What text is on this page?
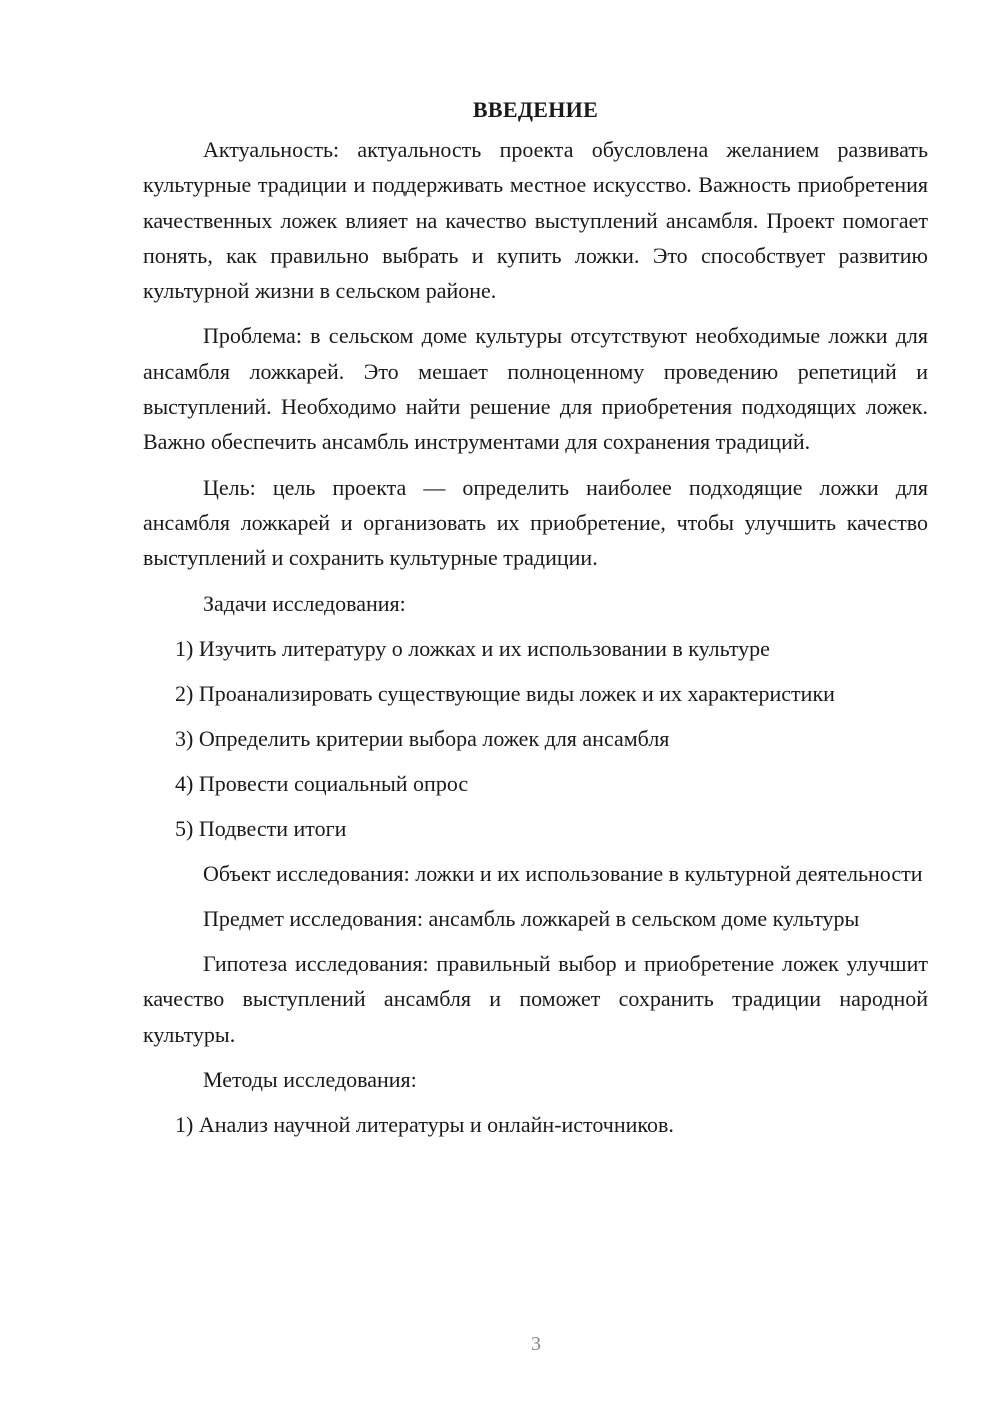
ВВЕДЕНИЕ

Актуальность: актуальность проекта обусловлена желанием развивать культурные традиции и поддерживать местное искусство. Важность приобретения качественных ложек влияет на качество выступлений ансамбля. Проект помогает понять, как правильно выбрать и купить ложки. Это способствует развитию культурной жизни в сельском районе.

Проблема: в сельском доме культуры отсутствуют необходимые ложки для ансамбля ложкарей. Это мешает полноценному проведению репетиций и выступлений. Необходимо найти решение для приобретения подходящих ложек. Важно обеспечить ансамбль инструментами для сохранения традиций.

Цель: цель проекта — определить наиболее подходящие ложки для ансамбля ложкарей и организовать их приобретение, чтобы улучшить качество выступлений и сохранить культурные традиции.

Задачи исследования:
1) Изучить литературу о ложках и их использовании в культуре
2) Проанализировать существующие виды ложек и их характеристики
3) Определить критерии выбора ложек для ансамбля
4) Провести социальный опрос
5) Подвести итоги

Объект исследования: ложки и их использование в культурной деятельности

Предмет исследования: ансамбль ложкарей в сельском доме культуры

Гипотеза исследования: правильный выбор и приобретение ложек улучшит качество выступлений ансамбля и поможет сохранить традиции народной культуры.

Методы исследования:
1) Анализ научной литературы и онлайн-источников.
3
